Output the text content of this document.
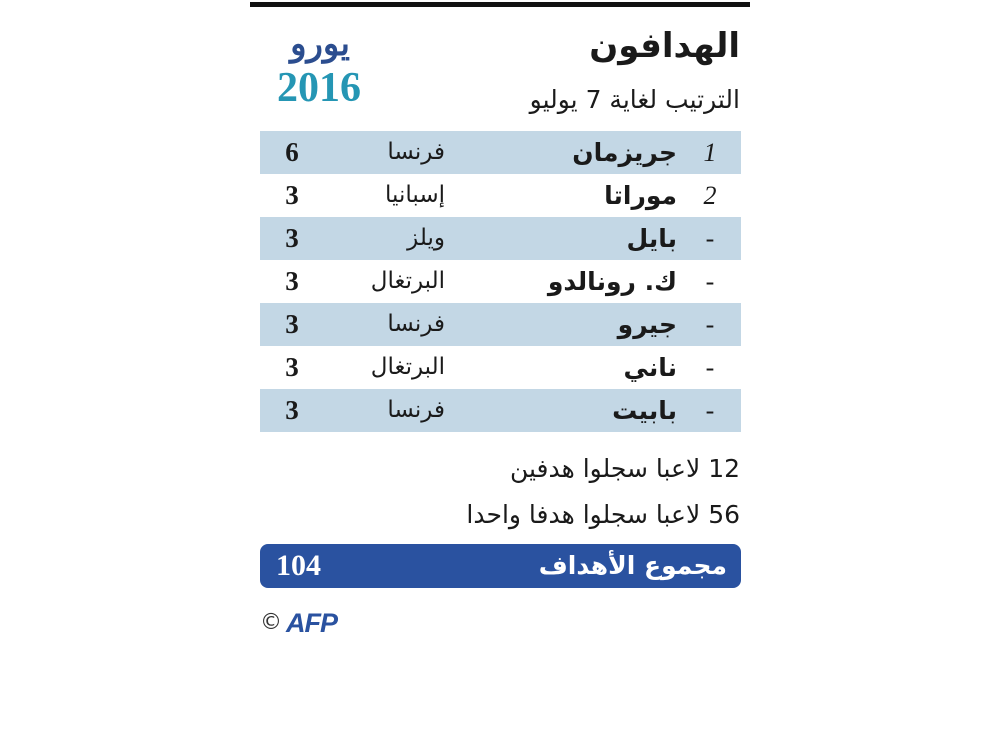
يورو
2016
الهدافون
الترتيب لغاية 7 يوليو
1
جريزمان
فرنسا
6
2
موراتا
إسبانيا
3
-
بايل
ويلز
3
-
ك. رونالدو
البرتغال
3
-
جيرو
فرنسا
3
-
ناني
البرتغال
3
-
بابيت
فرنسا
3
12 لاعبا سجلوا هدفين
56 لاعبا سجلوا هدفا واحدا
مجموع الأهداف
104
© AFP
